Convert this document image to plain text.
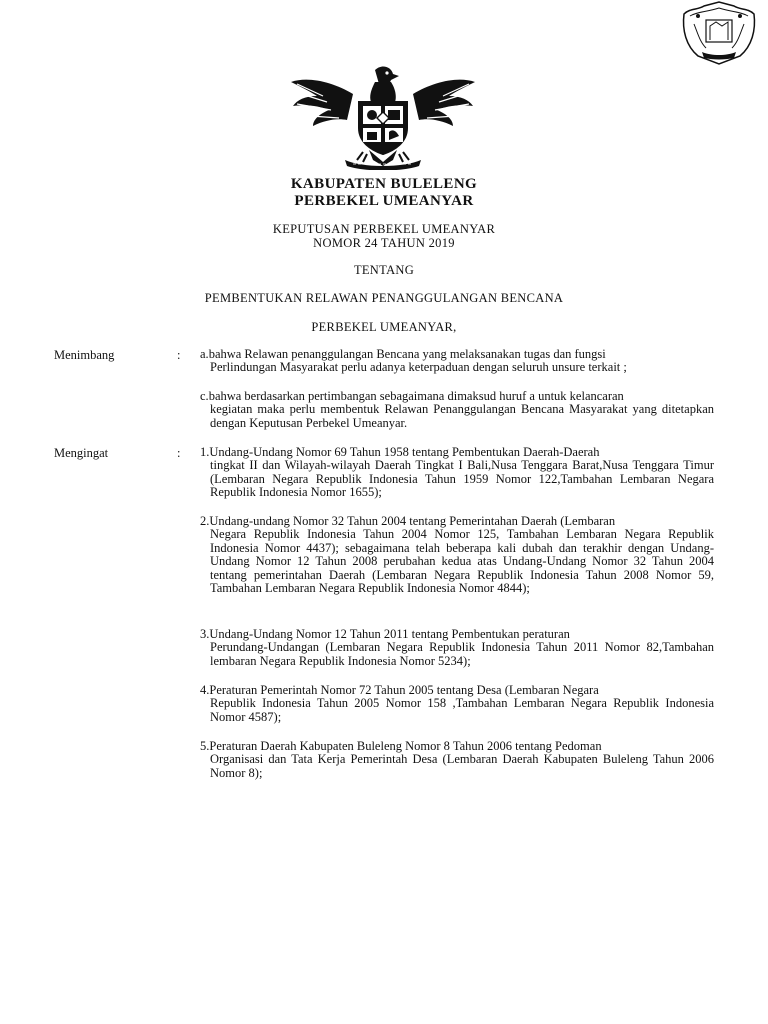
KABUPATEN BULELENG
PERBEKEL UMEANYAR
KEPUTUSAN PERBEKEL UMEANYAR
NOMOR 24 TAHUN 2019
TENTANG
PEMBENTUKAN RELAWAN PENANGGULANGAN BENCANA
PERBEKEL UMEANYAR,
Menimbang	: a.bahwa Relawan penanggulangan Bencana yang melaksanakan tugas dan fungsi
Perlindungan Masyarakat perlu adanya keterpaduan dengan seluruh unsure terkait ;
c.bahwa berdasarkan pertimbangan sebagaimana dimaksud huruf a untuk kelancaran
kegiatan maka perlu membentuk Relawan Penanggulangan Bencana Masyarakat yang ditetapkan dengan Keputusan Perbekel Umeanyar.
Mengingat	: 1.Undang-Undang Nomor 69 Tahun 1958 tentang Pembentukan Daerah-Daerah
tingkat II dan Wilayah-wilayah Daerah Tingkat I Bali,Nusa Tenggara Barat,Nusa Tenggara Timur (Lembaran Negara Republik Indonesia Tahun 1959 Nomor 122,Tambahan Lembaran Negara Republik Indonesia Nomor 1655);
2.Undang-undang Nomor 32 Tahun 2004 tentang Pemerintahan Daerah (Lembaran
Negara Republik Indonesia Tahun 2004 Nomor 125, Tambahan Lembaran Negara Republik Indonesia Nomor 4437); sebagaimana telah beberapa kali dubah dan terakhir dengan Undang-Undang Nomor 12 Tahun 2008 perubahan kedua atas Undang-Undang Nomor 32 Tahun 2004 tentang pemerintahan Daerah (Lembaran Negara Republik Indonesia Tahun 2008 Nomor 59, Tambahan Lembaran Negara Republik Indonesia Nomor 4844);
3.Undang-Undang Nomor 12 Tahun 2011 tentang Pembentukan peraturan
Perundang-Undangan (Lembaran Negara Republik Indonesia Tahun 2011 Nomor 82,Tambahan lembaran Negara Republik Indonesia Nomor 5234);
4.Peraturan Pemerintah Nomor 72 Tahun 2005 tentang Desa (Lembaran Negara
Republik Indonesia Tahun 2005 Nomor 158 ,Tambahan Lembaran Negara Republik Indonesia Nomor 4587);
5.Peraturan Daerah Kabupaten Buleleng Nomor 8 Tahun 2006 tentang Pedoman
Organisasi dan Tata Kerja Pemerintah Desa (Lembaran Daerah Kabupaten Buleleng Tahun 2006 Nomor 8);
